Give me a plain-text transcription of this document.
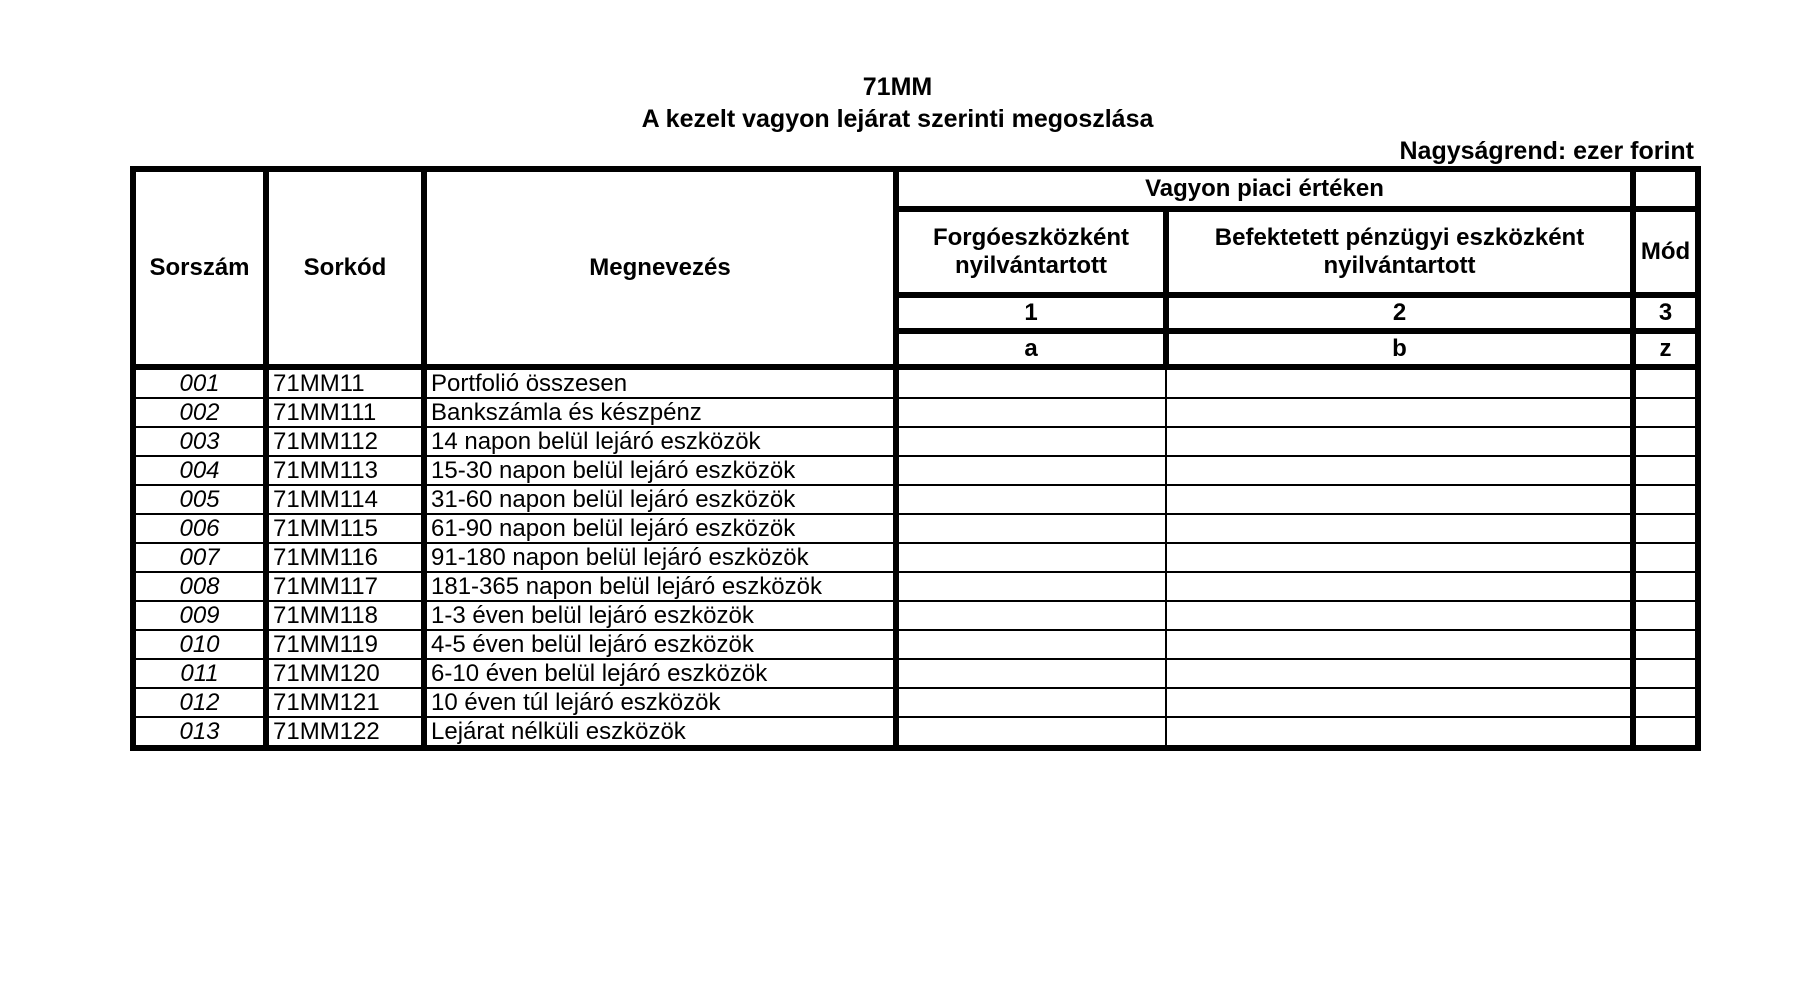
71MM
A kezelt vagyon lejárat szerinti megoszlása
Nagyságrend: ezer forint
Sorszám	Sorkód	Megnevezés	Vagyon piaci értéken		
			Forgóeszközként nyilvántartott	Befektetett pénzügyi eszközként nyilvántartott	Mód
			1	2	3
			a	b	z
001	71MM11	Portfolió összesen			
002	71MM111	Bankszámla és készpénz			
003	71MM112	14 napon belül lejáró eszközök			
004	71MM113	15-30 napon belül lejáró eszközök			
005	71MM114	31-60 napon belül lejáró eszközök			
006	71MM115	61-90 napon belül lejáró eszközök			
007	71MM116	91-180 napon belül lejáró eszközök			
008	71MM117	181-365 napon belül lejáró eszközök			
009	71MM118	1-3 éven belül lejáró eszközök			
010	71MM119	4-5 éven belül lejáró eszközök			
011	71MM120	6-10 éven belül lejáró eszközök			
012	71MM121	10 éven túl lejáró eszközök			
013	71MM122	Lejárat nélküli eszközök			
